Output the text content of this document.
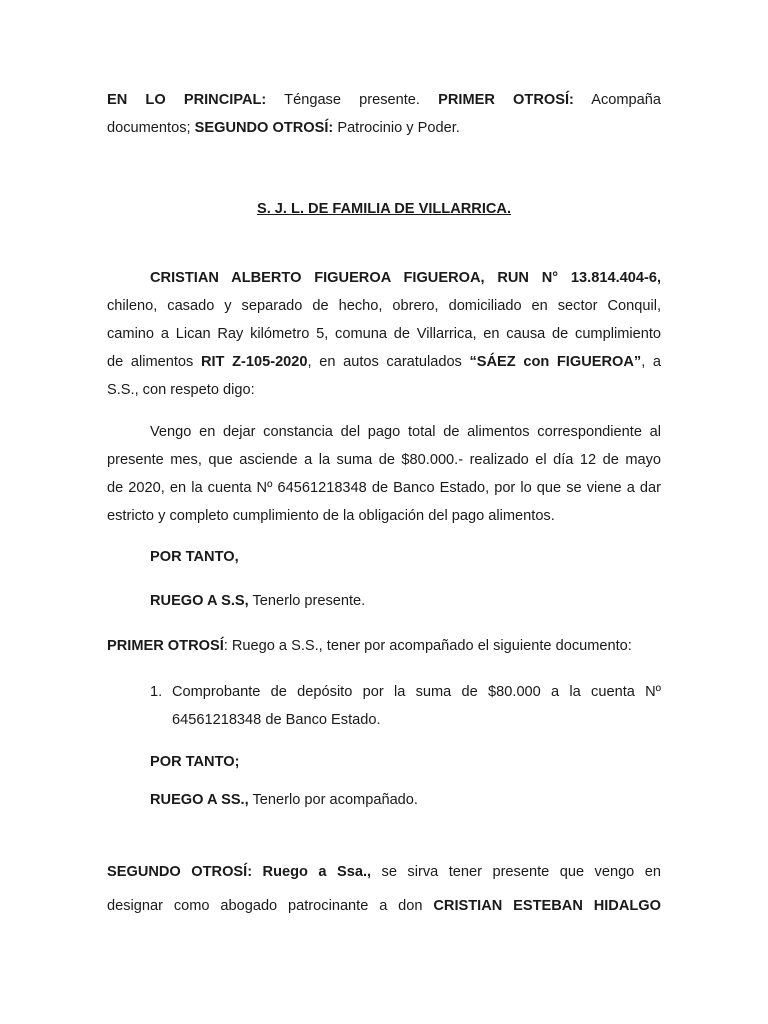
EN LO PRINCIPAL: Téngase presente. PRIMER OTROSÍ: Acompaña
documentos; SEGUNDO OTROSÍ: Patrocinio y Poder.
S. J. L. DE FAMILIA DE VILLARRICA.
CRISTIAN ALBERTO FIGUEROA FIGUEROA, RUN N° 13.814.404-6,
chileno, casado y separado de hecho, obrero, domiciliado en sector Conquil,
camino a Lican Ray kilómetro 5, comuna de Villarrica, en causa de cumplimiento
de alimentos RIT Z-105-2020, en autos caratulados “SÁEZ con FIGUEROA”, a
S.S., con respeto digo:
Vengo en dejar constancia del pago total de alimentos correspondiente al
presente mes, que asciende a la suma de $80.000.- realizado el día 12 de mayo
de 2020, en la cuenta Nº 64561218348 de Banco Estado, por lo que se viene a dar
estricto y completo cumplimiento de la obligación del pago alimentos.
POR TANTO,
RUEGO A S.S, Tenerlo presente.
PRIMER OTROSÍ: Ruego a S.S., tener por acompañado el siguiente documento:
1. Comprobante de depósito por la suma de $80.000 a la cuenta Nº
64561218348 de Banco Estado.
POR TANTO;
RUEGO A SS., Tenerlo por acompañado.
SEGUNDO OTROSÍ: Ruego a Ssa., se sirva tener presente que vengo en
designar como abogado patrocinante a don CRISTIAN ESTEBAN HIDALGO
